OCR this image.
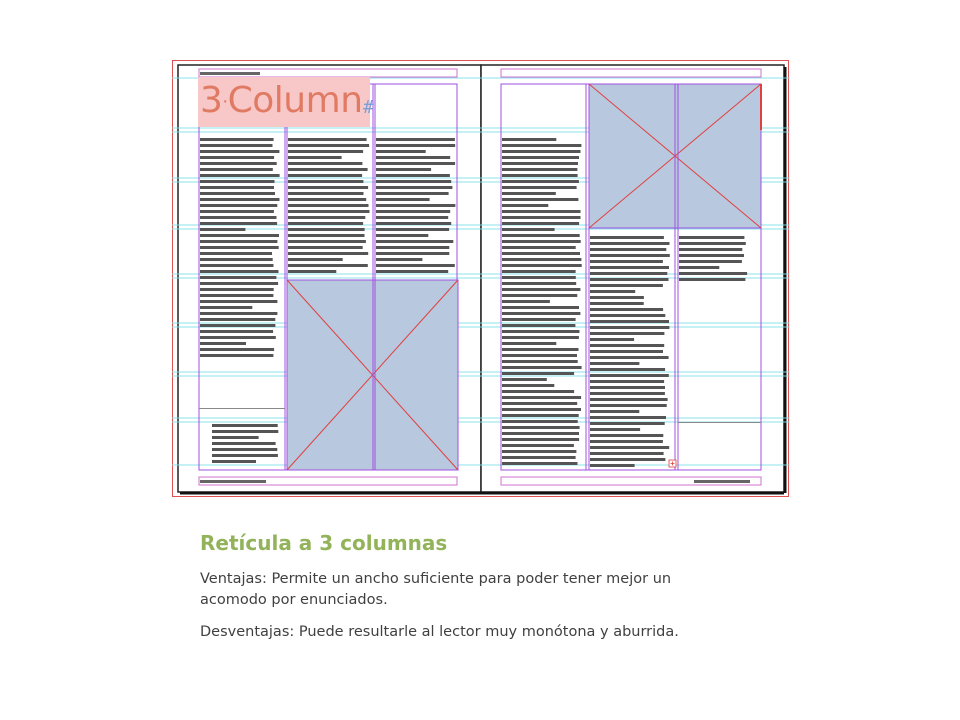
3·Column #
Retícula a 3 columnas
Ventajas: Permite un ancho suficiente para poder tener mejor un acomodo por enunciados.
Desventajas: Puede resultarle al lector muy monótona y aburrida.
